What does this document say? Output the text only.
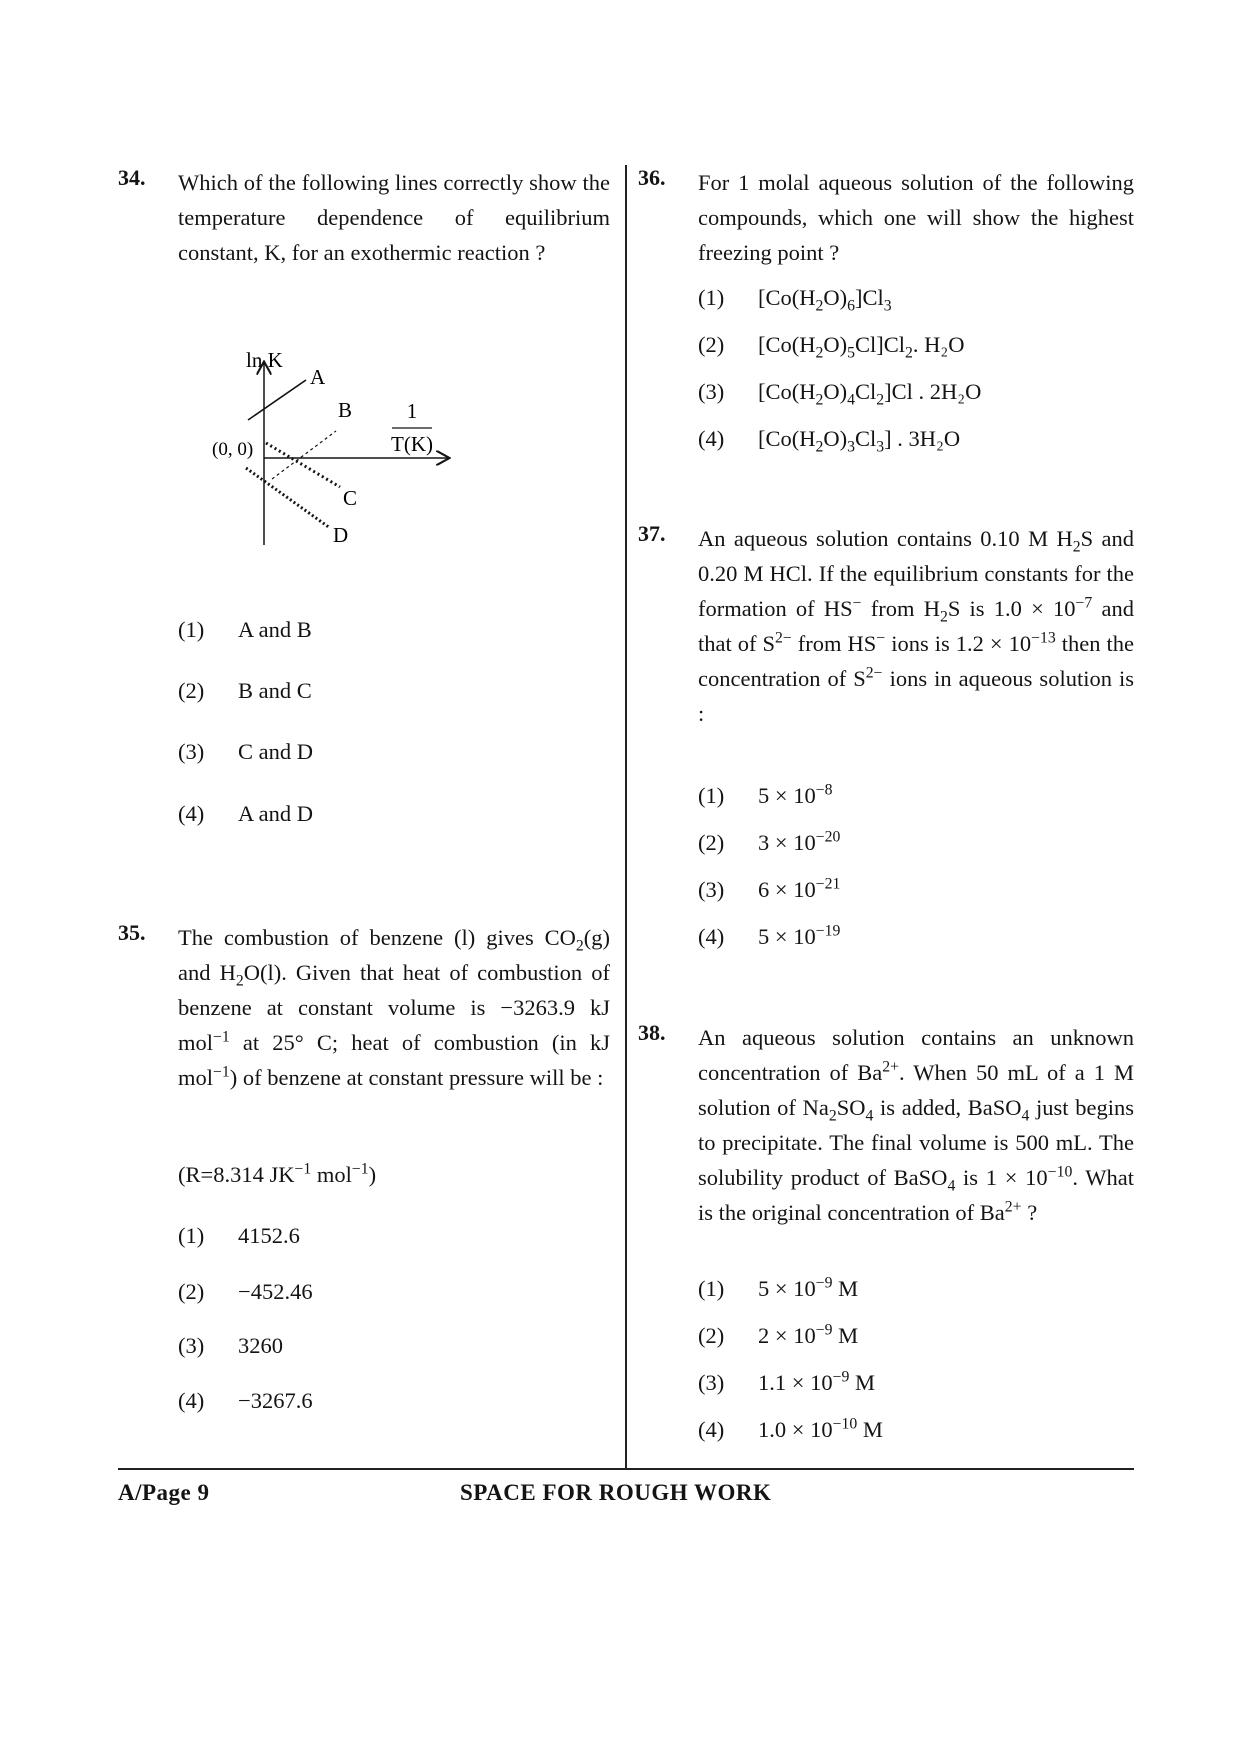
34. Which of the following lines correctly show the temperature dependence of equilibrium constant, K, for an exothermic reaction ?
ln K
A
B
C
D
(0, 0)
1
T(K)
(1) A and B
(2) B and C
(3) C and D
(4) A and D
35. The combustion of benzene (l) gives $CO_2(g)$ and $H_2O(l)$. Given that heat of combustion of benzene at constant volume is −3263.9 kJ mol$^{-1}$ at 25° C; heat of combustion (in kJ mol$^{-1}$) of benzene at constant pressure will be :
(R=8.314 $JK^{-1}$ mol$^{-1}$)
(1) 4152.6
(2) −452.46
(3) 3260
(4) −3267.6
36. For 1 molal aqueous solution of the following compounds, which one will show the highest freezing point ?
(1) $[Co(H_2O)_6]Cl_3$
(2) $[Co(H_2O)_5Cl]Cl_2$. H₂O
(3) $[Co(H_2O)_4Cl_2]Cl$ . 2H₂O
(4) $[Co(H_2O)_3Cl_3]$ . 3H₂O
37. An aqueous solution contains 0.10 M $H_2S$ and 0.20 M HCl. If the equilibrium constants for the formation of HS− from $H_2S$ is $1.0 \times 10^{-7}$ and that of $S^{2-}$ from HS− ions is $1.2 \times 10^{-13}$ then the concentration of $S^{2-}$ ions in aqueous solution is :
(1) $5 \times 10^{-8}$
(2) $3 \times 10^{-20}$
(3) $6 \times 10^{-21}$
(4) $5 \times 10^{-19}$
38. An aqueous solution contains an unknown concentration of $Ba^{2+}$. When 50 mL of a 1 M solution of $Na_2SO_4$ is added, BaSO$_4$ just begins to precipitate. The final volume is 500 mL. The solubility product of BaSO$_4$ is $1 \times 10^{-10}$. What is the original concentration of $Ba^{2+}$ ?
(1) $5 \times 10^{-9}$ M
(2) $2 \times 10^{-9}$ M
(3) $1.1 \times 10^{-9}$ M
(4) $1.0 \times 10^{-10}$ M
A/Page 9	SPACE FOR ROUGH WORK
